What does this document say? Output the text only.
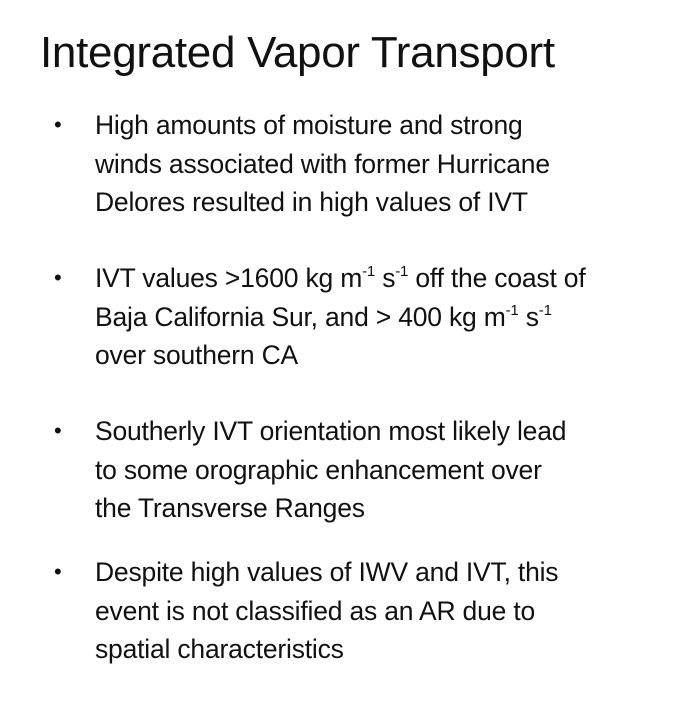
Integrated Vapor Transport
• High amounts of moisture and strong
winds associated with former Hurricane
Delores resulted in high values of IVT
• IVT values >1600 kg $m^{-1}$ $s^{-1}$ off the coast of
Baja California Sur, and > 400 kg $m^{-1}$ $s^{-1}$
over southern CA
• Southerly IVT orientation most likely lead
to some orographic enhancement over
the Transverse Ranges
• Despite high values of IWV and IVT, this
event is not classified as an AR due to
spatial characteristics
